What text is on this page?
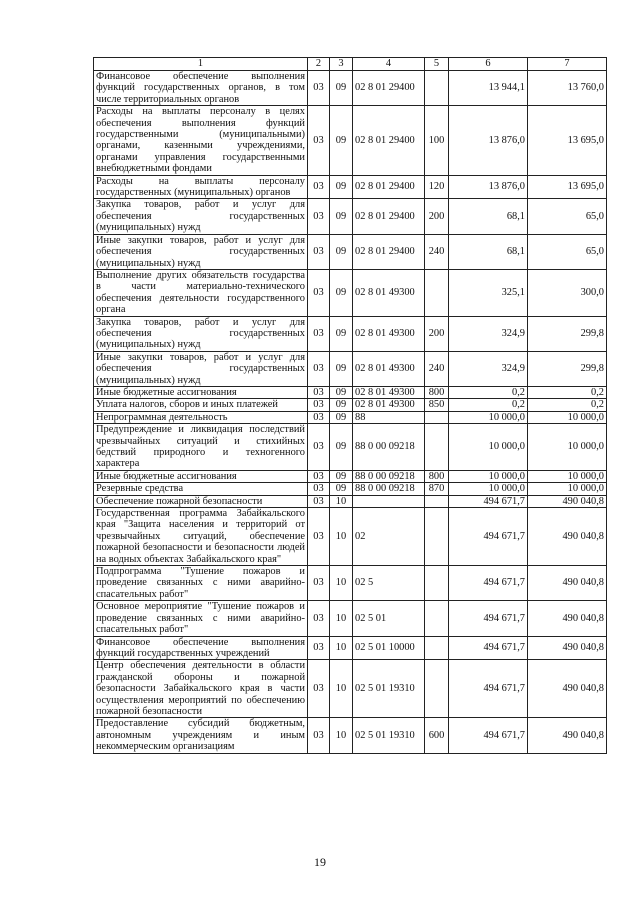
1	2	3	4	5	6	7
Финансовое обеспечение выполнения функций государственных органов, в том числе территориальных органов	03	09	02 8 01 29400		13 944,1	13 760,0
Расходы на выплаты персоналу в целях обеспечения выполнения функций государственными (муниципальными) органами, казенными учреждениями, органами управления государственными внебюджетными фондами	03	09	02 8 01 29400	100	13 876,0	13 695,0
Расходы на выплаты персоналу государственных (муниципальных) органов	03	09	02 8 01 29400	120	13 876,0	13 695,0
Закупка товаров, работ и услуг для обеспечения государственных (муниципальных) нужд	03	09	02 8 01 29400	200	68,1	65,0
Иные закупки товаров, работ и услуг для обеспечения государственных (муниципальных) нужд	03	09	02 8 01 29400	240	68,1	65,0
Выполнение других обязательств государства в части материально-технического обеспечения деятельности государственного органа	03	09	02 8 01 49300		325,1	300,0
Закупка товаров, работ и услуг для обеспечения государственных (муниципальных) нужд	03	09	02 8 01 49300	200	324,9	299,8
Иные закупки товаров, работ и услуг для обеспечения государственных (муниципальных) нужд	03	09	02 8 01 49300	240	324,9	299,8
Иные бюджетные ассигнования	03	09	02 8 01 49300	800	0,2	0,2
Уплата налогов, сборов и иных платежей	03	09	02 8 01 49300	850	0,2	0,2
Непрограммная деятельность	03	09	88		10 000,0	10 000,0
Предупреждение и ликвидация последствий чрезвычайных ситуаций и стихийных бедствий природного и техногенного характера	03	09	88 0 00 09218		10 000,0	10 000,0
Иные бюджетные ассигнования	03	09	88 0 00 09218	800	10 000,0	10 000,0
Резервные средства	03	09	88 0 00 09218	870	10 000,0	10 000,0
Обеспечение пожарной безопасности	03	10			494 671,7	490 040,8
Государственная программа Забайкальского края "Защита населения и территорий от чрезвычайных ситуаций, обеспечение пожарной безопасности и безопасности людей на водных объектах Забайкальского края"	03	10	02		494 671,7	490 040,8
Подпрограмма "Тушение пожаров и проведение связанных с ними аварийно-спасательных работ"	03	10	02 5		494 671,7	490 040,8
Основное мероприятие "Тушение пожаров и проведение связанных с ними аварийно-спасательных работ"	03	10	02 5 01		494 671,7	490 040,8
Финансовое обеспечение выполнения функций государственных учреждений	03	10	02 5 01 10000		494 671,7	490 040,8
Центр обеспечения деятельности в области гражданской обороны и пожарной безопасности Забайкальского края в части осуществления мероприятий по обеспечению пожарной безопасности	03	10	02 5 01 19310		494 671,7	490 040,8
Предоставление субсидий бюджетным, автономным учреждениям и иным некоммерческим организациям	03	10	02 5 01 19310	600	494 671,7	490 040,8
19
